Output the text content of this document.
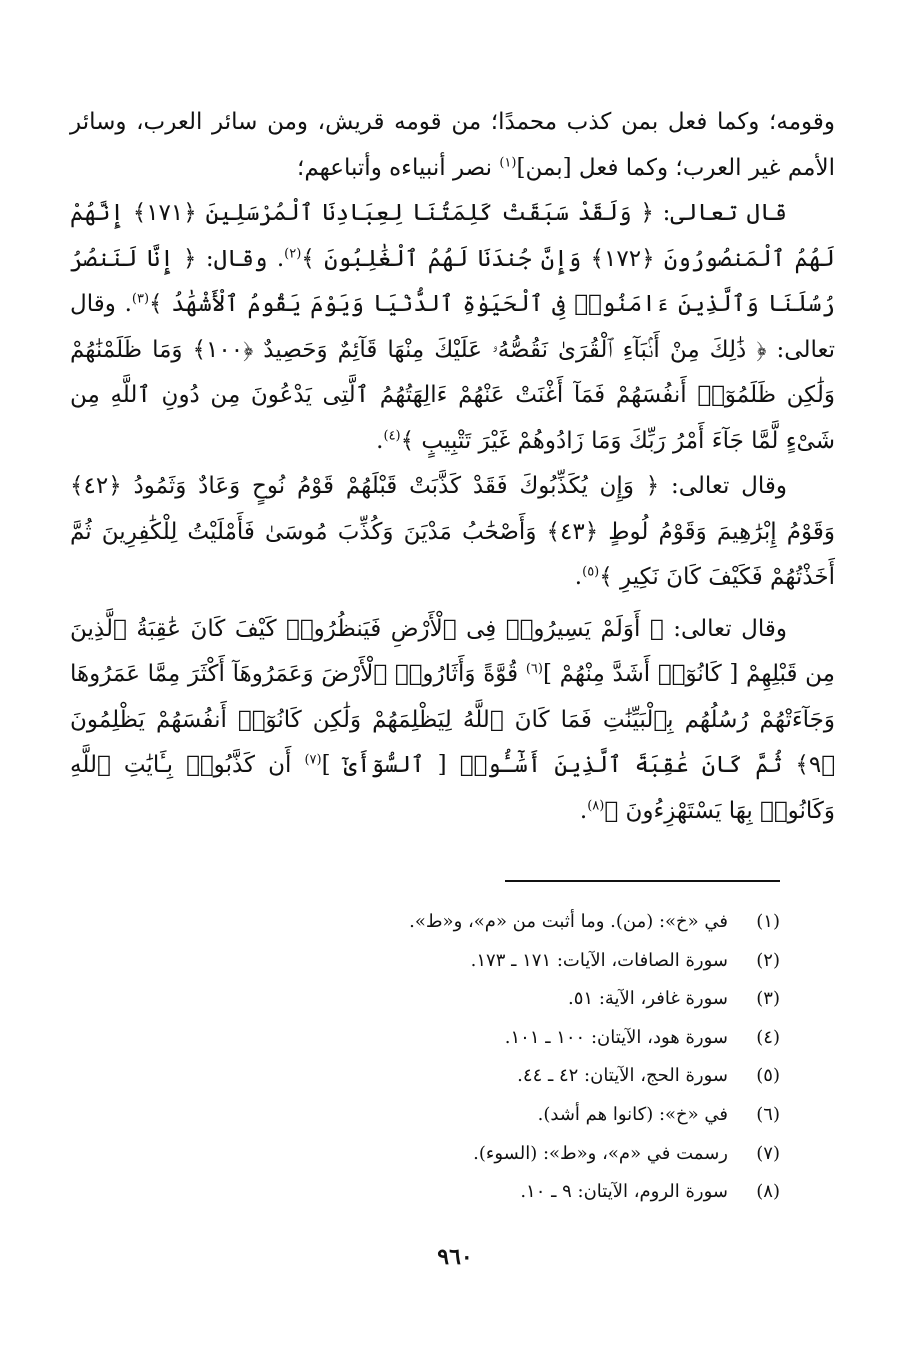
وقومه؛ وكما فعل بمن كذب محمدًا؛ من قومه قريش، ومن سائر العرب، وسائر الأمم غير العرب؛ وكما فعل [بمن]$^{(١)}$ نصر أنبياءه وأتباعهم؛

قال تعالى: ﴿ وَلَقَدْ سَبَقَتْ كَلِمَتُنَا لِعِبَادِنَا ٱلْمُرْسَلِينَ ﴿١٧١﴾ إِنَّهُمْ لَهُمُ ٱلْمَنصُورُونَ ﴿١٧٢﴾ وَإِنَّ جُندَنَا لَهُمُ ٱلْغَٰلِبُونَ ﴾$^{(٢)}$. وقال: ﴿ إِنَّا لَنَنصُرُ رُسُلَنَا وَٱلَّذِينَ ءَامَنُوا۟ فِى ٱلْحَيَوٰةِ ٱلدُّنْيَا وَيَوْمَ يَقُومُ ٱلْأَشْهَٰدُ ﴾$^{(٣)}$. وقال تعالى: ﴿ ذَٰلِكَ مِنْ أَنۢبَآءِ ٱلْقُرَىٰ نَقُصُّهُۥ عَلَيْكَ مِنْهَا قَآئِمٌ وَحَصِيدٌ ﴿١٠٠﴾ وَمَا ظَلَمْنَٰهُمْ وَلَٰكِن ظَلَمُوٓا۟ أَنفُسَهُمْ فَمَآ أَغْنَتْ عَنْهُمْ ءَالِهَتُهُمُ ٱلَّتِى يَدْعُونَ مِن دُونِ ٱللَّهِ مِن شَىْءٍ لَّمَّا جَآءَ أَمْرُ رَبِّكَ وَمَا زَادُوهُمْ غَيْرَ تَتْبِيبٍ ﴾$^{(٤)}$.

وقال تعالى: ﴿ وَإِن يُكَذِّبُوكَ فَقَدْ كَذَّبَتْ قَبْلَهُمْ قَوْمُ نُوحٍ وَعَادٌ وَثَمُودُ ﴿٤٢﴾ وَقَوْمُ إِبْرَٰهِيمَ وَقَوْمُ لُوطٍ ﴿٤٣﴾ وَأَصْحَٰبُ مَدْيَنَ وَكُذِّبَ مُوسَىٰ فَأَمْلَيْتُ لِلْكَٰفِرِينَ ثُمَّ أَخَذْتُهُمْ فَكَيْفَ كَانَ نَكِيرِ ﴾$^{(٥)}$.

وقال تعالى: ﴿ أَوَلَمْ يَسِيرُوا۟ فِى ٱلْأَرْضِ فَيَنظُرُوا۟ كَيْفَ كَانَ عَٰقِبَةُ ٱلَّذِينَ مِن قَبْلِهِمْ [ كَانُوٓا۟ أَشَدَّ مِنْهُمْ ]$^{(٦)}$ قُوَّةً وَأَثَارُوا۟ ٱلْأَرْضَ وَعَمَرُوهَآ أَكْثَرَ مِمَّا عَمَرُوهَا وَجَآءَتْهُمْ رُسُلُهُم بِٱلْبَيِّنَٰتِ فَمَا كَانَ ٱللَّهُ لِيَظْلِمَهُمْ وَلَٰكِن كَانُوٓا۟ أَنفُسَهُمْ يَظْلِمُونَ ﴿٩﴾ ثُمَّ كَانَ عَٰقِبَةَ ٱلَّذِينَ أَسَٰٓـُٔوا۟ [ ٱلسُّوٓأَىٰٓ ]$^{(٧)}$ أَن كَذَّبُوا۟ بِـَٔايَٰتِ ٱللَّهِ وَكَانُوا۟ بِهَا يَسْتَهْزِءُونَ ﴾$^{(٨)}$.

(١)
في «خ»: (من). وما أثبت من «م»، و«ط».
(٢)
سورة الصافات، الآيات: ١٧١ ـ ١٧٣.
(٣)
سورة غافر، الآية: ٥١.
(٤)
سورة هود، الآيتان: ١٠٠ ـ ١٠١.
(٥)
سورة الحج، الآيتان: ٤٢ ـ ٤٤.
(٦)
في «خ»: (كانوا هم أشد).
(٧)
رسمت في «م»، و«ط»: (السوء).
(٨)
سورة الروم، الآيتان: ٩ ـ ١٠.
٩٦٠
